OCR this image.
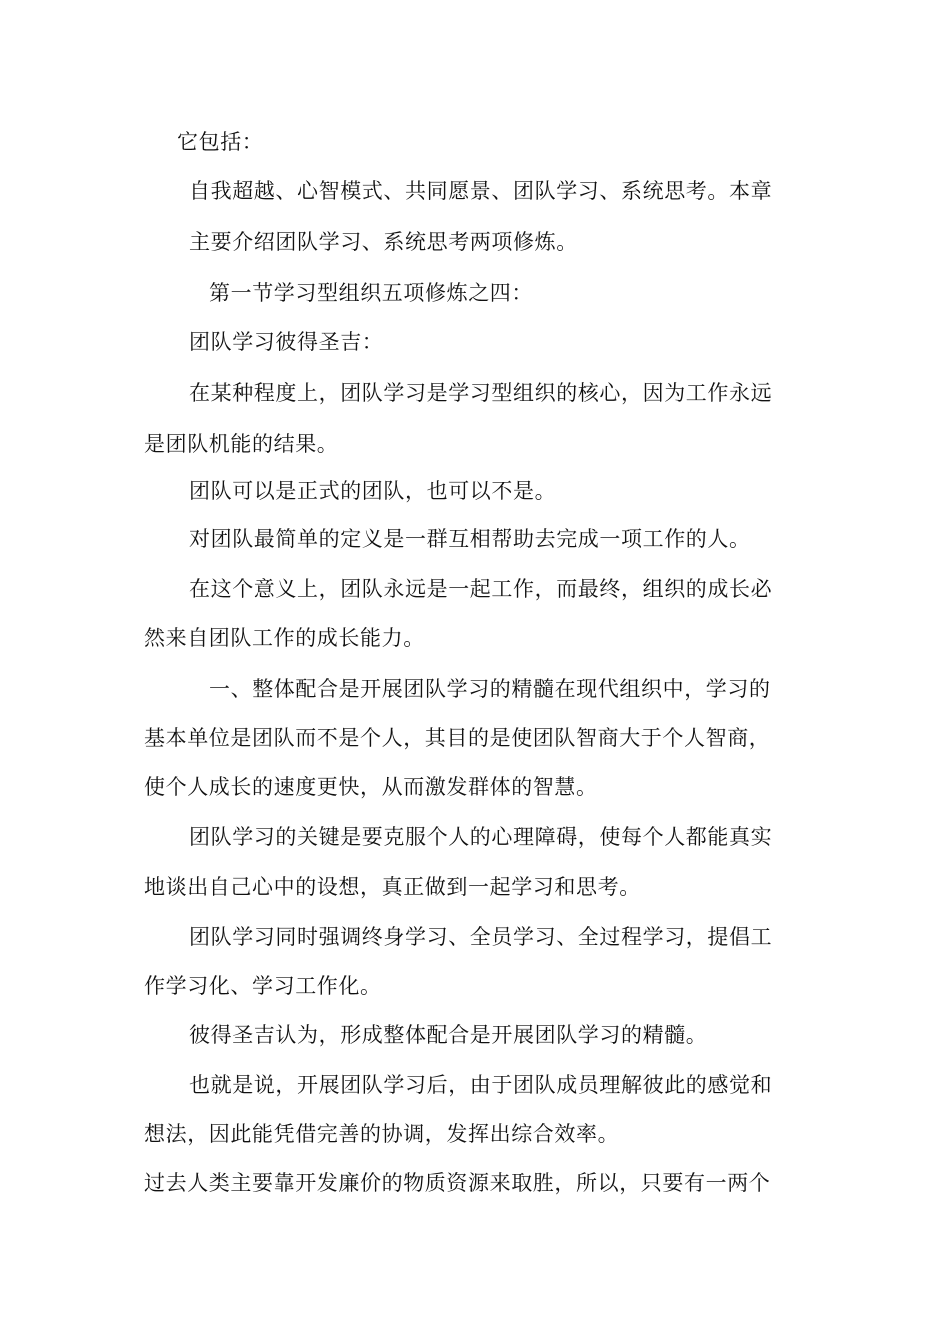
它包括：
自我超越、心智模式、共同愿景、团队学习、系统思考。本章
主要介绍团队学习、系统思考两项修炼。
第一节学习型组织五项修炼之四：
团队学习彼得圣吉：
在某种程度上，团队学习是学习型组织的核心，因为工作永远
是团队机能的结果。
团队可以是正式的团队，也可以不是。
对团队最简单的定义是一群互相帮助去完成一项工作的人。
在这个意义上，团队永远是一起工作，而最终，组织的成长必
然来自团队工作的成长能力。
一、整体配合是开展团队学习的精髓在现代组织中，学习的
基本单位是团队而不是个人，其目的是使团队智商大于个人智商，
使个人成长的速度更快，从而激发群体的智慧。
团队学习的关键是要克服个人的心理障碍，使每个人都能真实
地谈出自己心中的设想，真正做到一起学习和思考。
团队学习同时强调终身学习、全员学习、全过程学习，提倡工
作学习化、学习工作化。
彼得圣吉认为，形成整体配合是开展团队学习的精髓。
也就是说，开展团队学习后，由于团队成员理解彼此的感觉和
想法，因此能凭借完善的协调，发挥出综合效率。
过去人类主要靠开发廉价的物质资源来取胜，所以，只要有一两个
